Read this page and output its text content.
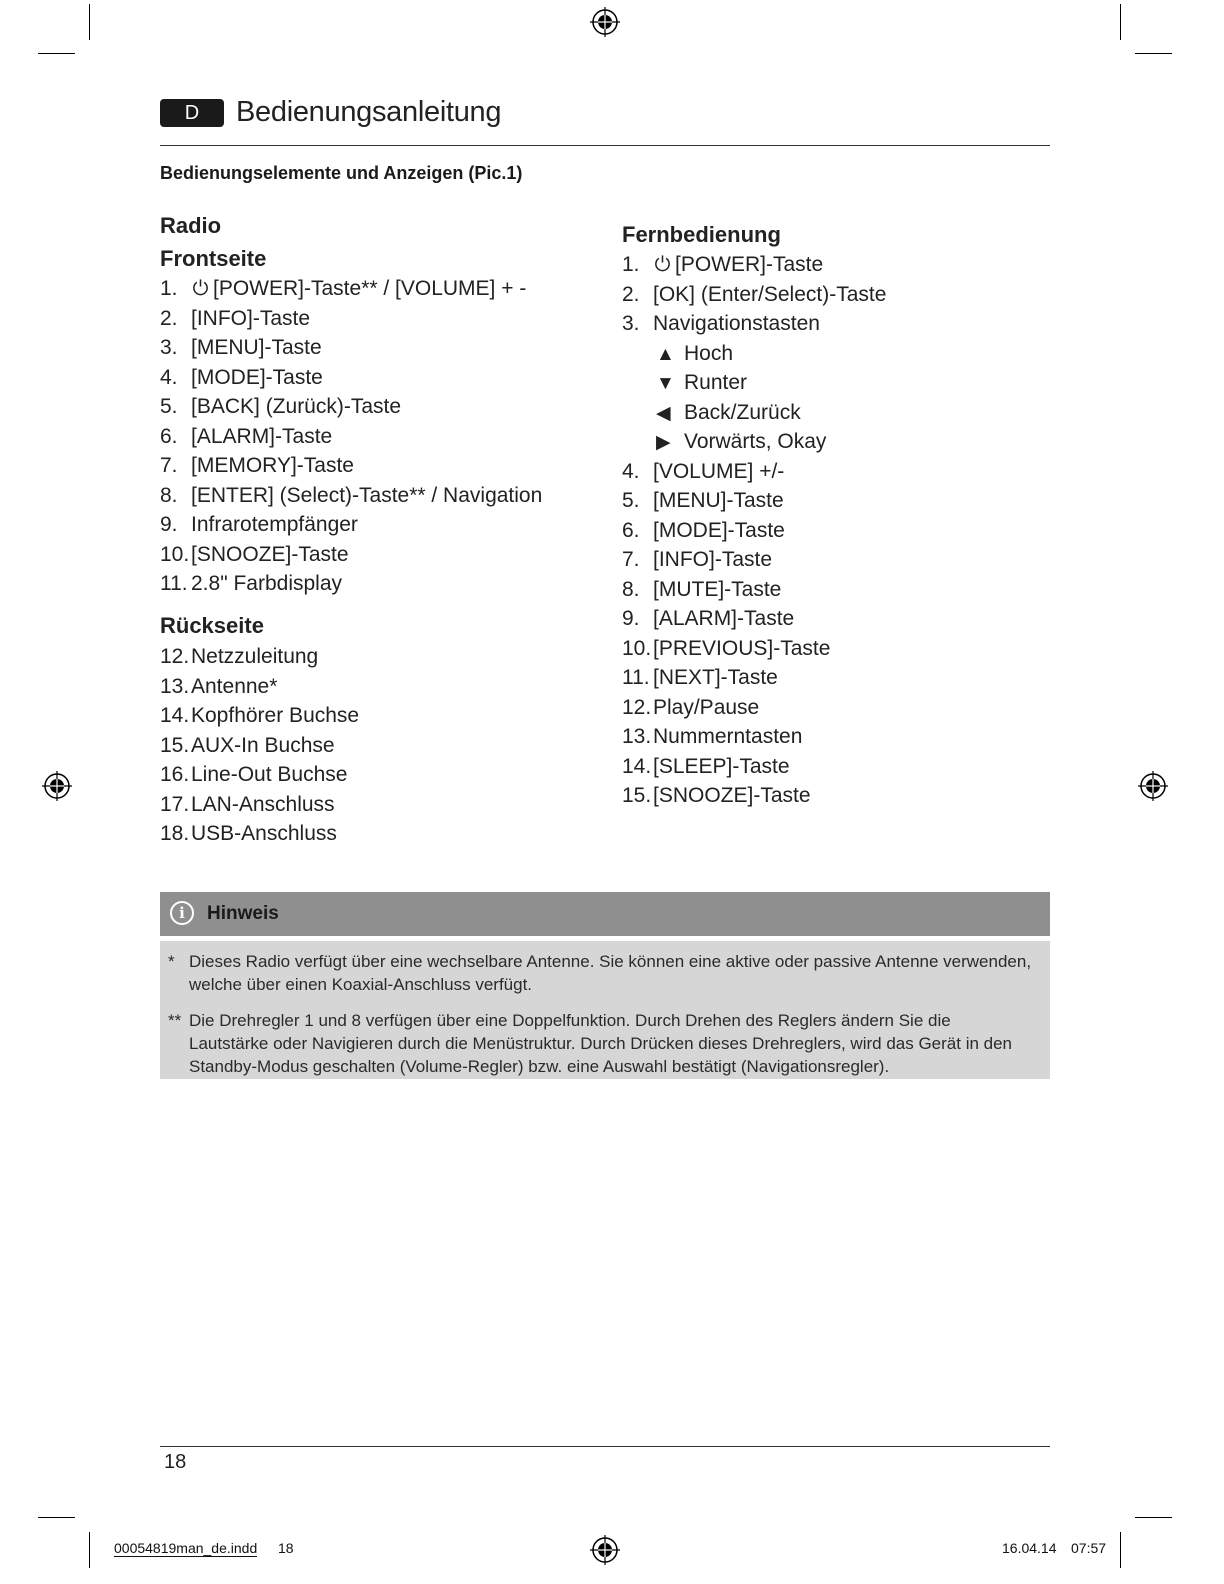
D	Bedienungsanleitung
Bedienungselemente und Anzeigen (Pic.1)
Radio
Frontseite
1. [POWER]-Taste** / [VOLUME] + -
2. [INFO]-Taste
3. [MENU]-Taste
4. [MODE]-Taste
5. [BACK] (Zurück)-Taste
6. [ALARM]-Taste
7. [MEMORY]-Taste
8. [ENTER] (Select)-Taste** / Navigation
9. Infrarotempfänger
10.[SNOOZE]-Taste
11. 2.8" Farbdisplay
Rückseite
12.Netzzuleitung
13.Antenne*
14.Kopfhörer Buchse
15.AUX-In Buchse
16.Line-Out Buchse
17.LAN-Anschluss
18.USB-Anschluss
Fernbedienung
1. [POWER]-Taste
2. [OK] (Enter/Select)-Taste
3. Navigationstasten
▲ Hoch
▼ Runter
◀ Back/Zurück
▶ Vorwärts, Okay
4. [VOLUME] +/-
5. [MENU]-Taste
6. [MODE]-Taste
7. [INFO]-Taste
8. [MUTE]-Taste
9. [ALARM]-Taste
10.[PREVIOUS]-Taste
11. [NEXT]-Taste
12.Play/Pause
13.Nummerntasten
14.[SLEEP]-Taste
15.[SNOOZE]-Taste
i	Hinweis
* Dieses Radio verfügt über eine wechselbare Antenne. Sie können eine aktive oder passive Antenne verwenden, welche über einen Koaxial-Anschluss verfügt.
** Die Drehregler 1 und 8 verfügen über eine Doppelfunktion. Durch Drehen des Reglers ändern Sie die Lautstärke oder Navigieren durch die Menüstruktur. Durch Drücken dieses Drehreglers, wird das Gerät in den Standby-Modus geschalten (Volume-Regler) bzw. eine Auswahl bestätigt (Navigationsregler).
18
00054819man_de.indd 18	16.04.14 07:57
